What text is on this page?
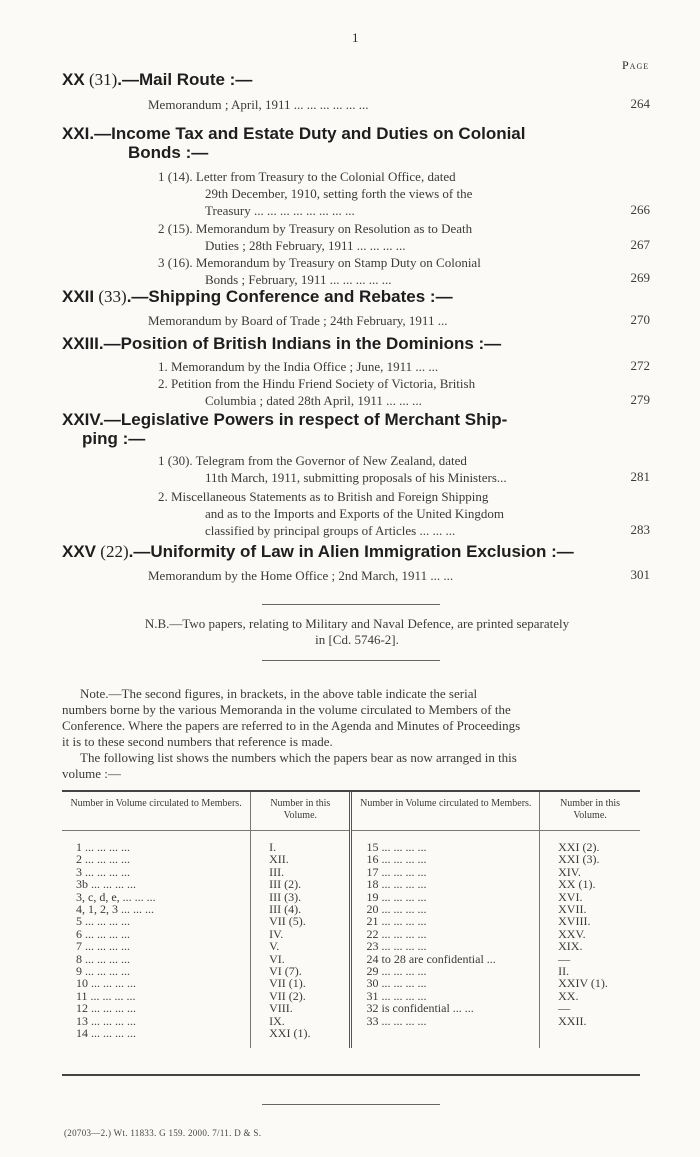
1
Page
XX (31).—Mail Route :—
Memorandum ; April, 1911 ... ... ... ... ... ...	264
XXI.—Income Tax and Estate Duty and Duties on Colonial
Bonds :—
1 (14). Letter from Treasury to the Colonial Office, dated
29th December, 1910, setting forth the views of the
Treasury ... ... ... ... ... ... ... ...	266
2 (15). Memorandum by Treasury on Resolution as to Death
Duties ; 28th February, 1911 ... ... ... ...	267
3 (16). Memorandum by Treasury on Stamp Duty on Colonial
Bonds ; February, 1911 ... ... ... ... ...	269
XXII (33).—Shipping Conference and Rebates :—
Memorandum by Board of Trade ; 24th February, 1911 ...	270
XXIII.—Position of British Indians in the Dominions :—
1. Memorandum by the India Office ; June, 1911 ... ...	272
2. Petition from the Hindu Friend Society of Victoria, British
Columbia ; dated 28th April, 1911 ... ... ...	279
XXIV.—Legislative Powers in respect of Merchant Ship-
ping :—
1 (30). Telegram from the Governor of New Zealand, dated
11th March, 1911, submitting proposals of his Ministers...	281
2. Miscellaneous Statements as to British and Foreign Shipping
and as to the Imports and Exports of the United Kingdom
classified by principal groups of Articles ... ... ...	283
XXV (22).—Uniformity of Law in Alien Immigration Exclusion :—
Memorandum by the Home Office ; 2nd March, 1911 ... ...	301
N.B.—Two papers, relating to Military and Naval Defence, are printed separately
in [Cd. 5746-2].
Note.—The second figures, in brackets, in the above table indicate the serial
numbers borne by the various Memoranda in the volume circulated to Members of the
Conference. Where the papers are referred to in the Agenda and Minutes of Proceedings
it is to these second numbers that reference is made.
The following list shows the numbers which the papers bear as now arranged in this
volume :—
Number in Volume circulated to Members.	Number in this Volume.	Number in Volume circulated to Members.	Number in this Volume.
1 ... ... ... ...	I.	15 ... ... ... ...	XXI (2).
2 ... ... ... ...	XII.	16 ... ... ... ...	XXI (3).
3 ... ... ... ...	III.	17 ... ... ... ...	XIV.
3b ... ... ... ...	III (2).	18 ... ... ... ...	XX (1).
3, c, d, e, ... ... ...	III (3).	19 ... ... ... ...	XVI.
4, 1, 2, 3 ... ... ...	III (4).	20 ... ... ... ...	XVII.
5 ... ... ... ...	VII (5).	21 ... ... ... ...	XVIII.
6 ... ... ... ...	IV.	22 ... ... ... ...	XXV.
7 ... ... ... ...	V.	23 ... ... ... ...	XIX.
8 ... ... ... ...	VI.	24 to 28 are confidential ...	—
9 ... ... ... ...	VI (7).	29 ... ... ... ...	II.
10 ... ... ... ...	VII (1).	30 ... ... ... ...	XXIV (1).
11 ... ... ... ...	VII (2).	31 ... ... ... ...	XX.
12 ... ... ... ...	VIII.	32 is confidential ... ...	—
13 ... ... ... ...	IX.	33 ... ... ... ...	XXII.
14 ... ... ... ...	XXI (1).		
(20703—2.) Wt. 11833. G 159. 2000. 7/11. D & S.
